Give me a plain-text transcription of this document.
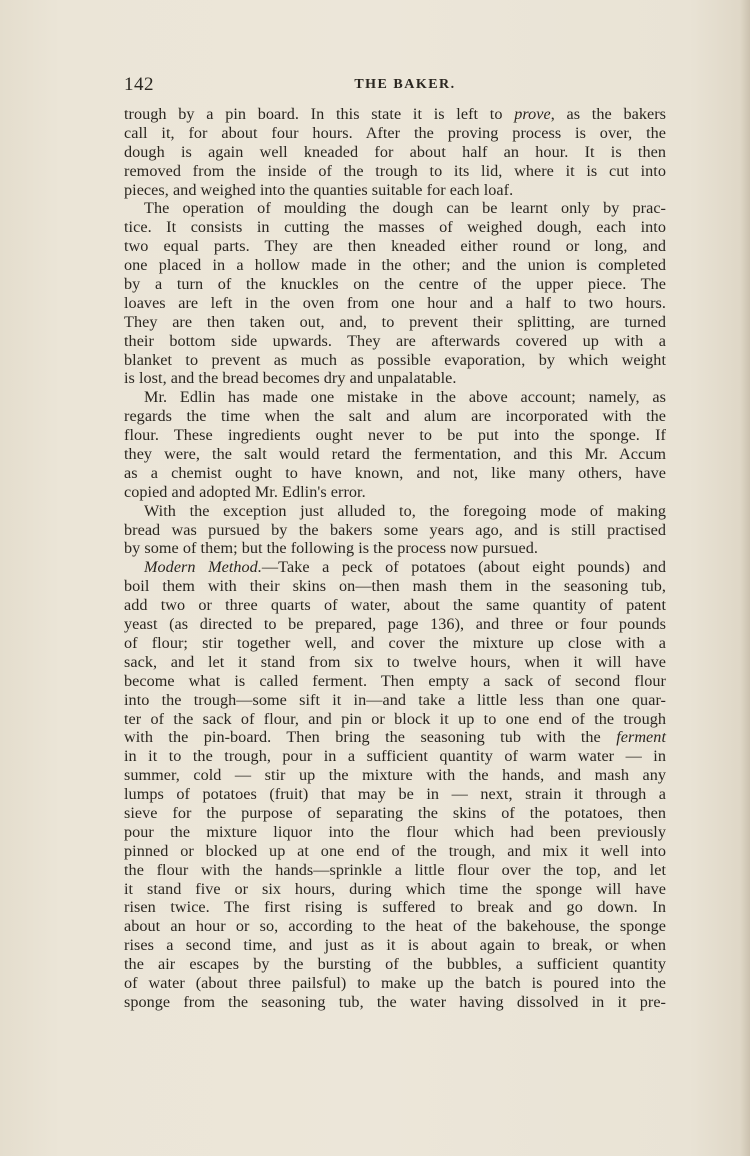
142	THE BAKER.
trough by a pin board. In this state it is left to prove, as the bakers
call it, for about four hours. After the proving process is over, the
dough is again well kneaded for about half an hour. It is then
removed from the inside of the trough to its lid, where it is cut into
pieces, and weighed into the quanties suitable for each loaf.
The operation of moulding the dough can be learnt only by prac-
tice. It consists in cutting the masses of weighed dough, each into
two equal parts. They are then kneaded either round or long, and
one placed in a hollow made in the other; and the union is completed
by a turn of the knuckles on the centre of the upper piece. The
loaves are left in the oven from one hour and a half to two hours.
They are then taken out, and, to prevent their splitting, are turned
their bottom side upwards. They are afterwards covered up with a
blanket to prevent as much as possible evaporation, by which weight
is lost, and the bread becomes dry and unpalatable.
Mr. Edlin has made one mistake in the above account; namely, as
regards the time when the salt and alum are incorporated with the
flour. These ingredients ought never to be put into the sponge. If
they were, the salt would retard the fermentation, and this Mr. Accum
as a chemist ought to have known, and not, like many others, have
copied and adopted Mr. Edlin's error.
With the exception just alluded to, the foregoing mode of making
bread was pursued by the bakers some years ago, and is still practised
by some of them; but the following is the process now pursued.
Modern Method.—Take a peck of potatoes (about eight pounds) and
boil them with their skins on—then mash them in the seasoning tub,
add two or three quarts of water, about the same quantity of patent
yeast (as directed to be prepared, page 136), and three or four pounds
of flour; stir together well, and cover the mixture up close with a
sack, and let it stand from six to twelve hours, when it will have
become what is called ferment. Then empty a sack of second flour
into the trough—some sift it in—and take a little less than one quar-
ter of the sack of flour, and pin or block it up to one end of the trough
with the pin-board. Then bring the seasoning tub with the ferment
in it to the trough, pour in a sufficient quantity of warm water — in
summer, cold — stir up the mixture with the hands, and mash any
lumps of potatoes (fruit) that may be in — next, strain it through a
sieve for the purpose of separating the skins of the potatoes, then
pour the mixture liquor into the flour which had been previously
pinned or blocked up at one end of the trough, and mix it well into
the flour with the hands—sprinkle a little flour over the top, and let
it stand five or six hours, during which time the sponge will have
risen twice. The first rising is suffered to break and go down. In
about an hour or so, according to the heat of the bakehouse, the sponge
rises a second time, and just as it is about again to break, or when
the air escapes by the bursting of the bubbles, a sufficient quantity
of water (about three pailsful) to make up the batch is poured into the
sponge from the seasoning tub, the water having dissolved in it pre-
